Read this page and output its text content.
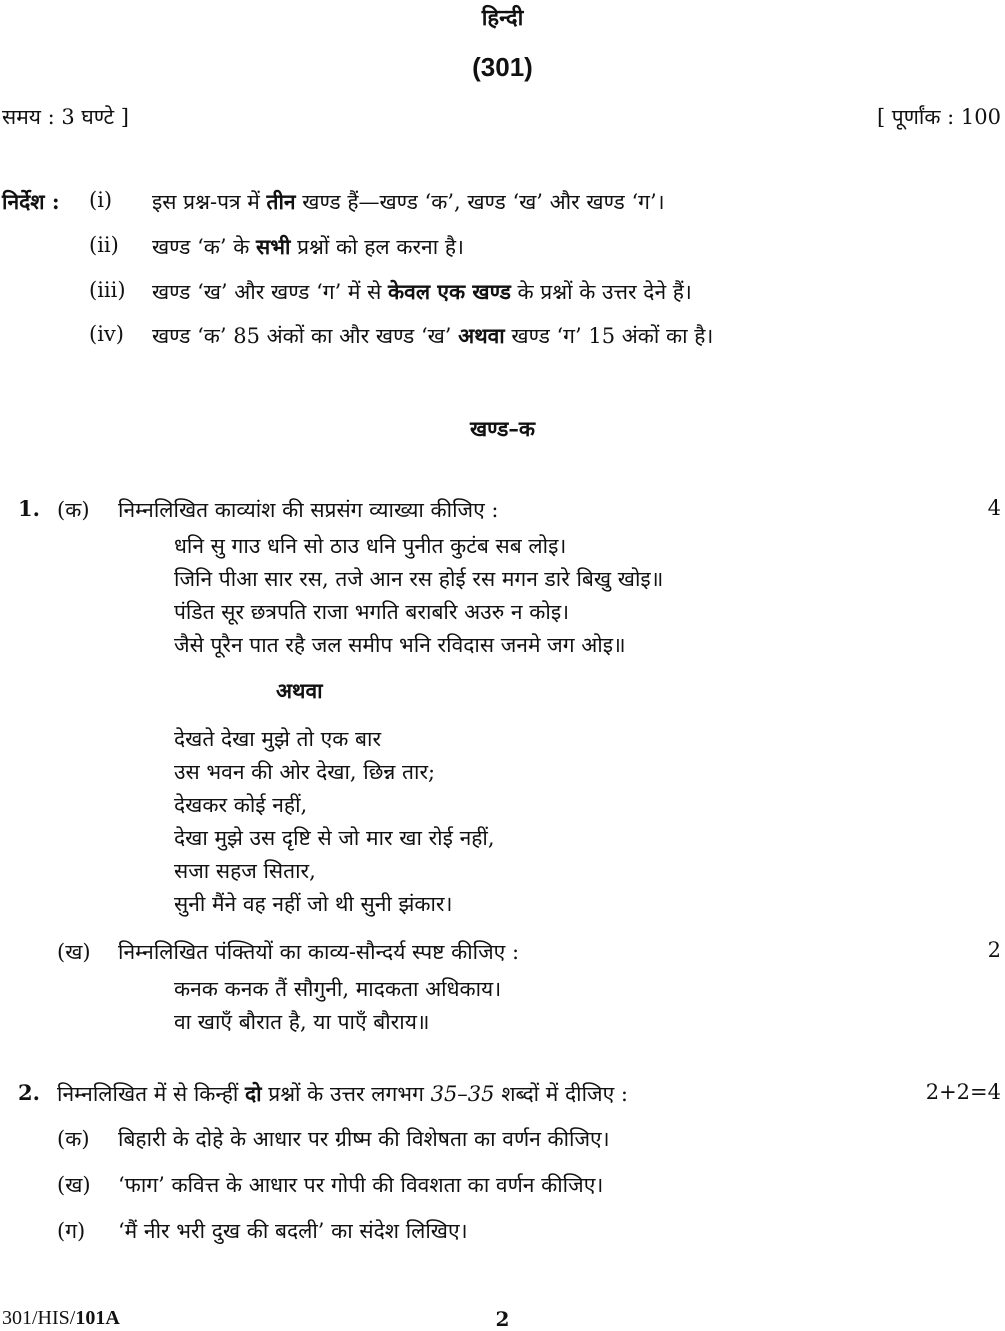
हिन्दी
(301)
समय : 3 घण्टे ]	[ पूर्णांक : 100
निर्देश : (i) इस प्रश्न-पत्र में तीन खण्ड हैं—खण्ड ‘क’, खण्ड ‘ख’ और खण्ड ‘ग’।
(ii) खण्ड ‘क’ के सभी प्रश्नों को हल करना है।
(iii) खण्ड ‘ख’ और खण्ड ‘ग’ में से केवल एक खण्ड के प्रश्नों के उत्तर देने हैं।
(iv) खण्ड ‘क’ 85 अंकों का और खण्ड ‘ख’ अथवा खण्ड ‘ग’ 15 अंकों का है।
खण्ड–क
1. (क) निम्नलिखित काव्यांश की सप्रसंग व्याख्या कीजिए :	4
धनि सु गाउ धनि सो ठाउ धनि पुनीत कुटंब सब लोइ।
जिनि पीआ सार रस, तजे आन रस होई रस मगन डारे बिखु खोइ॥
पंडित सूर छत्रपति राजा भगति बराबरि अउरु न कोइ।
जैसे पूरैन पात रहै जल समीप भनि रविदास जनमे जग ओइ॥
अथवा
देखते देखा मुझे तो एक बार
उस भवन की ओर देखा, छिन्न तार;
देखकर कोई नहीं,
देखा मुझे उस दृष्टि से जो मार खा रोई नहीं,
सजा सहज सितार,
सुनी मैंने वह नहीं जो थी सुनी झंकार।
(ख) निम्नलिखित पंक्तियों का काव्य-सौन्दर्य स्पष्ट कीजिए :	2
कनक कनक तैं सौगुनी, मादकता अधिकाय।
वा खाएँ बौरात है, या पाएँ बौराय॥
2. निम्नलिखित में से किन्हीं दो प्रश्नों के उत्तर लगभग 35–35 शब्दों में दीजिए :	2+2=4
(क) बिहारी के दोहे के आधार पर ग्रीष्म की विशेषता का वर्णन कीजिए।
(ख) ‘फाग’ कवित्त के आधार पर गोपी की विवशता का वर्णन कीजिए।
(ग) ‘मैं नीर भरी दुख की बदली’ का संदेश लिखिए।
301/HIS/101A	2
